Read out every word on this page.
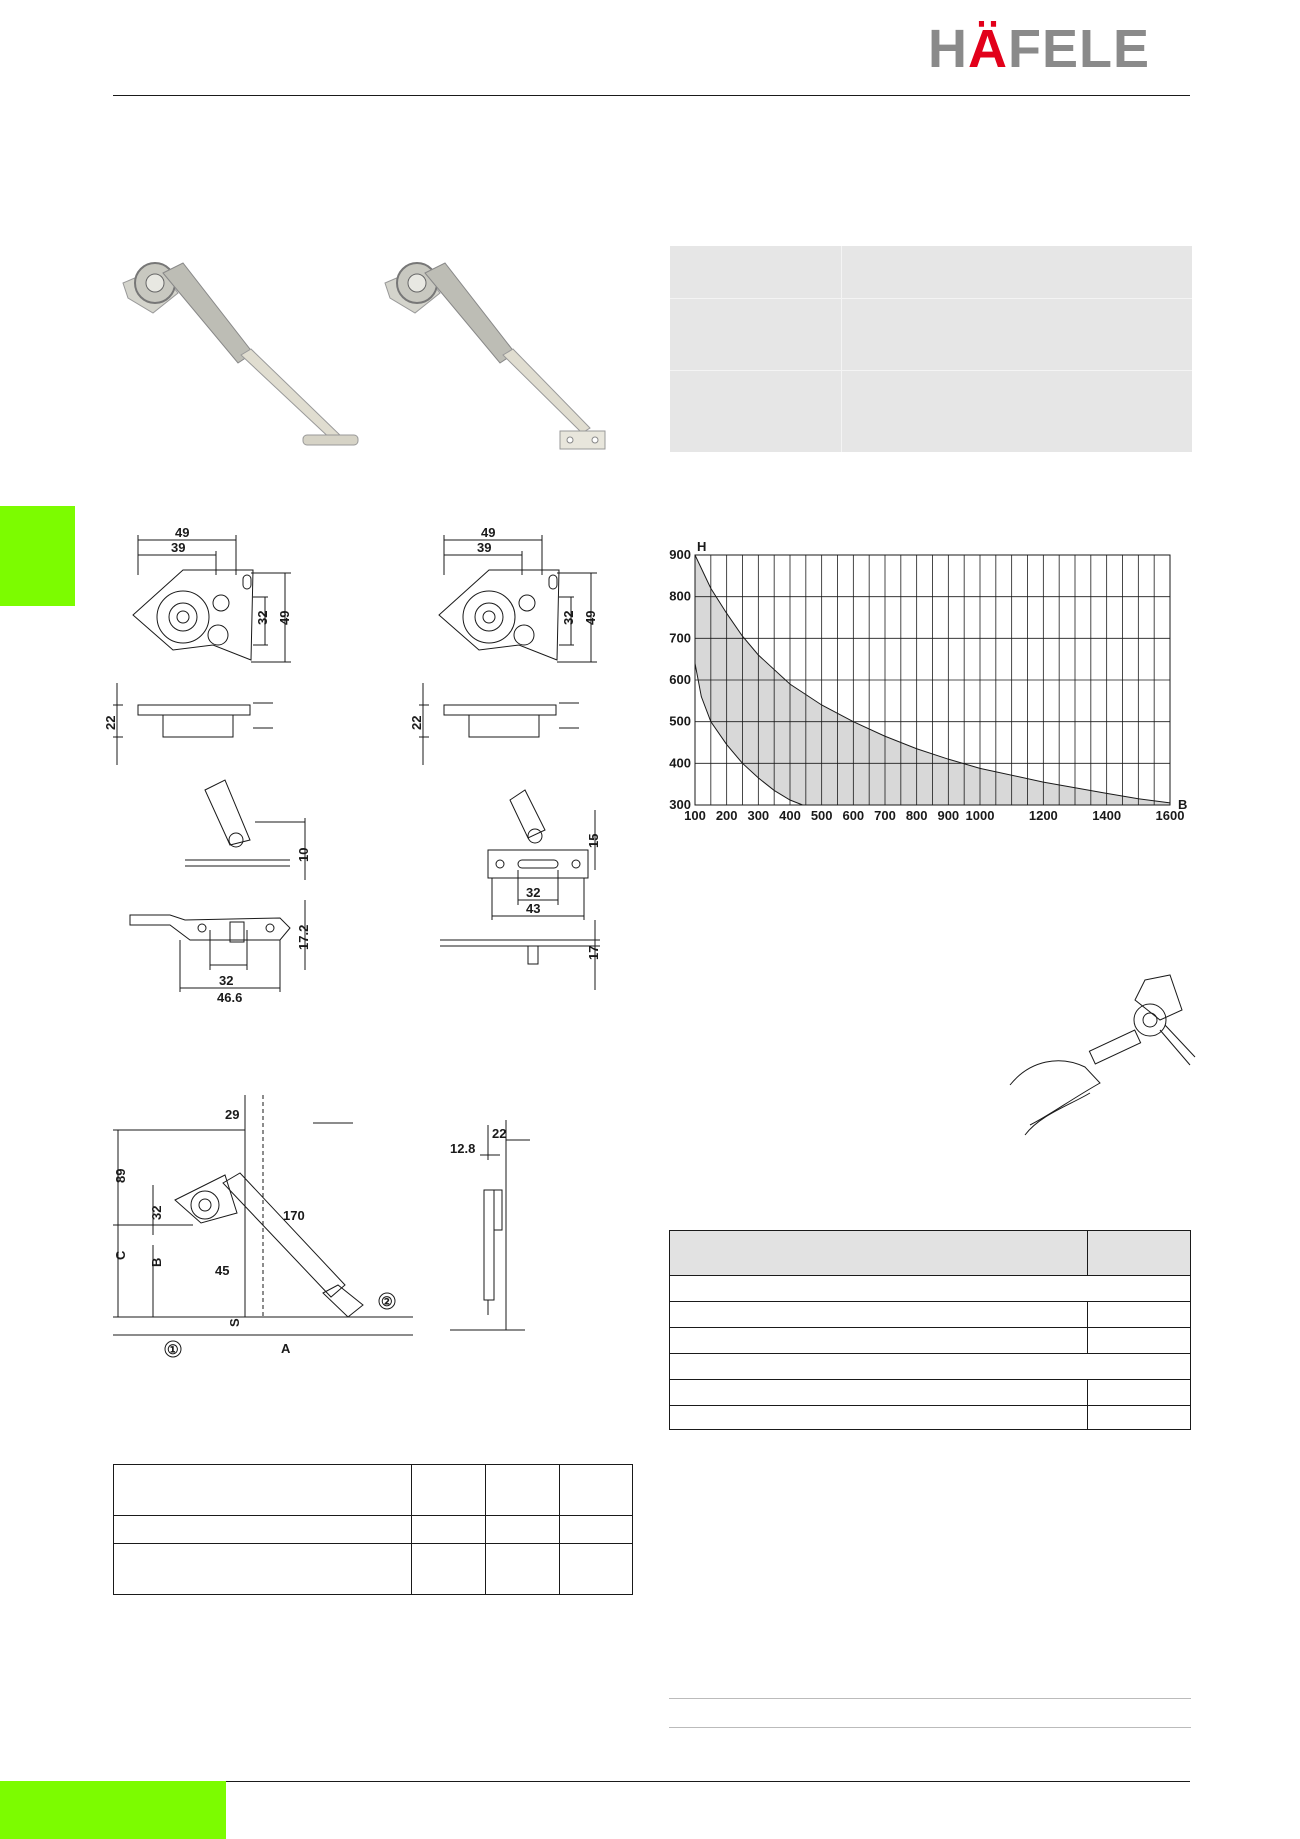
HÄFELE
49
39
32 49
22
49
39
32 49
22
10
17.2
32
46.6
15
32
43
17
29
89
32	170
45
C
B
S
A
①
②
22
12.8
100 200 300 400 500 600 700 800 900 1000	1200	1400	1600
300
400
500
600
700
800
900
B
H
